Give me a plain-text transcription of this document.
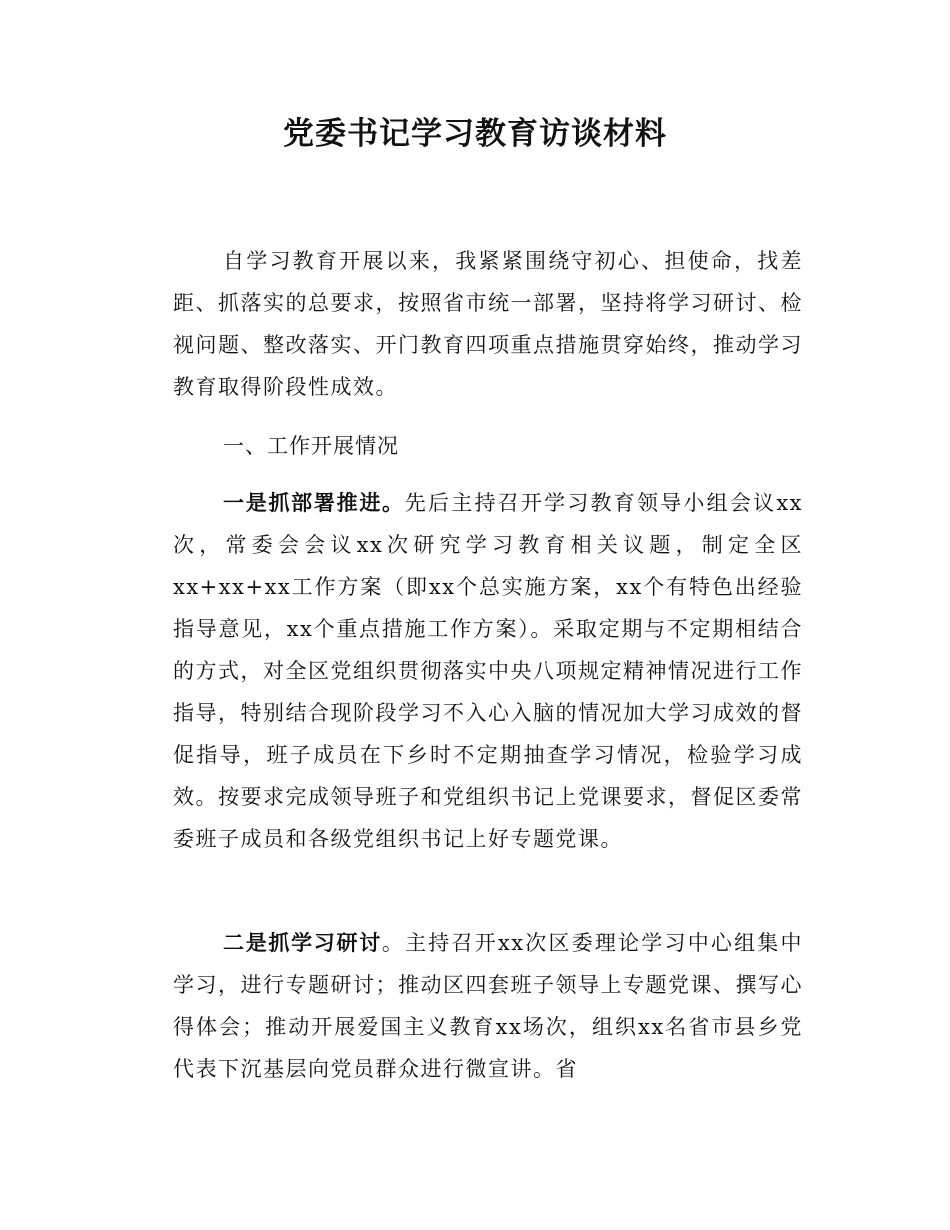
党委书记学习教育访谈材料

自学习教育开展以来，我紧紧围绕守初心、担使命，找差距、抓落实的总要求，按照省市统一部署，坚持将学习研讨、检视问题、整改落实、开门教育四项重点措施贯穿始终，推动学习教育取得阶段性成效。

一、工作开展情况

一是抓部署推进。先后主持召开学习教育领导小组会议xx次，常委会会议xx次研究学习教育相关议题，制定全区xx+xx+xx工作方案（即xx个总实施方案，xx个有特色出经验指导意见，xx个重点措施工作方案）。采取定期与不定期相结合的方式，对全区党组织贯彻落实中央八项规定精神情况进行工作指导，特别结合现阶段学习不入心入脑的情况加大学习成效的督促指导，班子成员在下乡时不定期抽查学习情况，检验学习成效。按要求完成领导班子和党组织书记上党课要求，督促区委常委班子成员和各级党组织书记上好专题党课。

二是抓学习研讨。主持召开xx次区委理论学习中心组集中学习，进行专题研讨；推动区四套班子领导上专题党课、撰写心得体会；推动开展爱国主义教育xx场次，组织xx名省市县乡党代表下沉基层向党员群众进行微宣讲。省
